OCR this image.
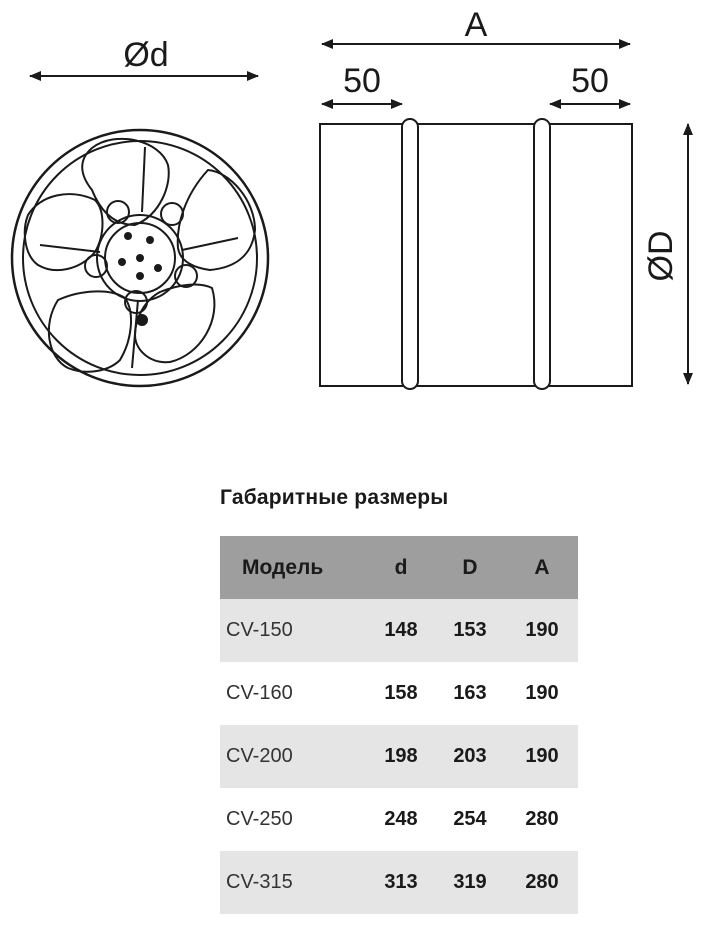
Ød
A
50	50
ØD
Габаритные размеры
Модель	d	D	A
CV-150	148	153	190
CV-160	158	163	190
CV-200	198	203	190
CV-250	248	254	280
CV-315	313	319	280
